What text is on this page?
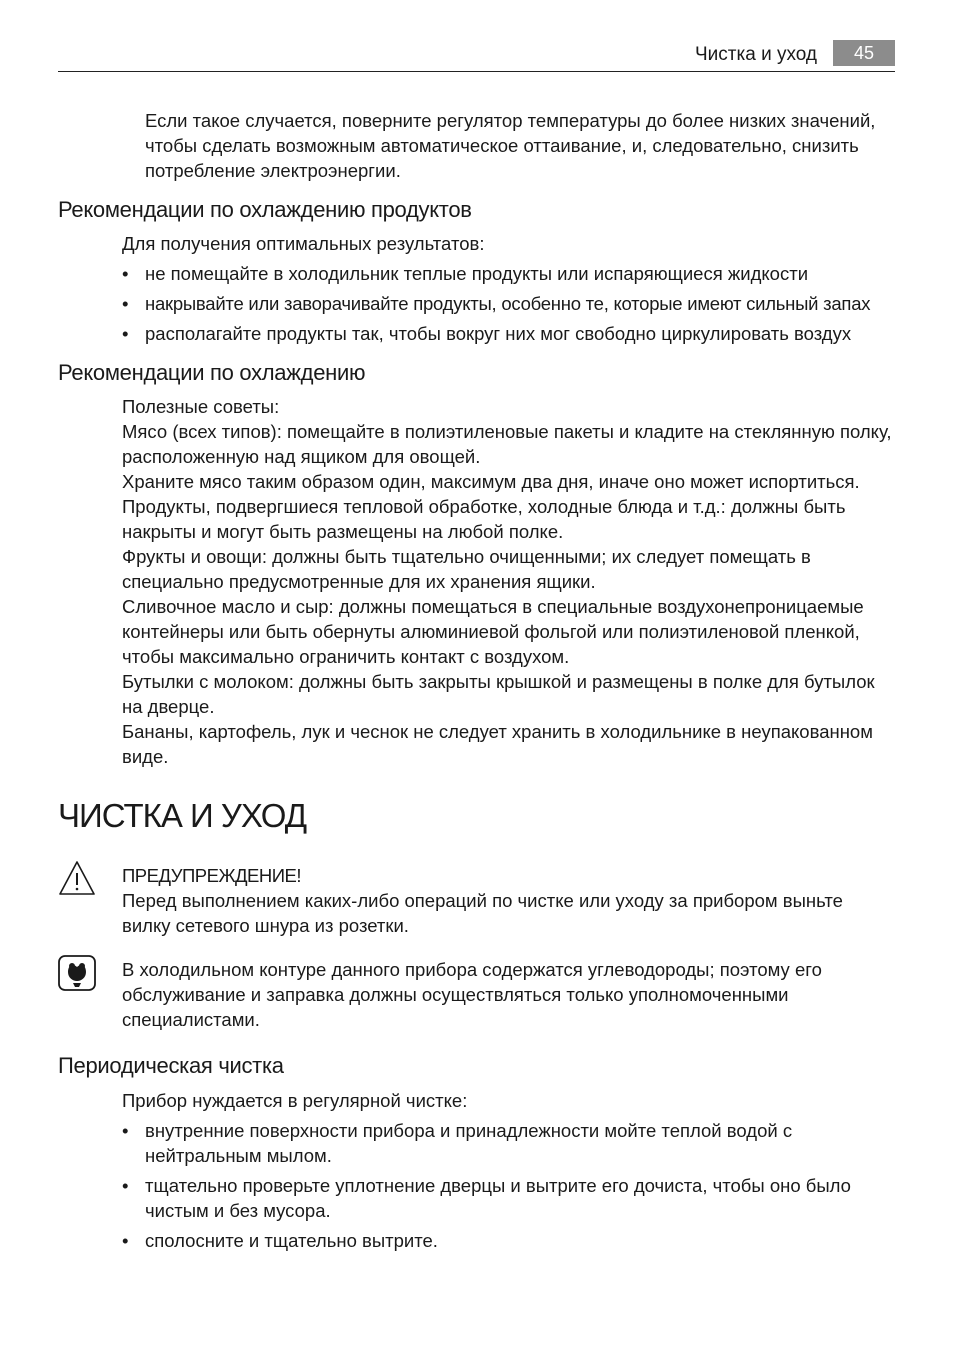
Чистка и уход	45

Если такое случается, поверните регулятор температуры до более низких значений, чтобы сделать возможным автоматическое оттаивание, и, следовательно, снизить потребление электроэнергии.

Рекомендации по охлаждению продуктов

Для получения оптимальных результатов:

• не помещайте в холодильник теплые продукты или испаряющиеся жидкости
• накрывайте или заворачивайте продукты, особенно те, которые имеют сильный запах
• располагайте продукты так, чтобы вокруг них мог свободно циркулировать воздух
Рекомендации по охлаждению
Полезные советы:
Мясо (всех типов): помещайте в полиэтиленовые пакеты и кладите на стеклянную полку, расположенную над ящиком для овощей.
Храните мясо таким образом один, максимум два дня, иначе оно может испортиться.
Продукты, подвергшиеся тепловой обработке, холодные блюда и т.д.: должны быть накрыты и могут быть размещены на любой полке.
Фрукты и овощи: должны быть тщательно очищенными; их следует помещать в специально предусмотренные для их хранения ящики.
Сливочное масло и сыр: должны помещаться в специальные воздухонепроницаемые контейнеры или быть обернуты алюминиевой фольгой или полиэтиленовой пленкой, чтобы максимально ограничить контакт с воздухом.
Бутылки с молоком: должны быть закрыты крышкой и размещены в полке для бутылок на дверце.
Бананы, картофель, лук и чеснок не следует хранить в холодильнике в неупакованном виде.
ЧИСТКА И УХОД
ПРЕДУПРЕЖДЕНИЕ!
Перед выполнением каких-либо операций по чистке или уходу за прибором выньте вилку сетевого шнура из розетки.

В холодильном контуре данного прибора содержатся углеводороды; поэтому его обслуживание и заправка должны осуществляться только уполномоченными специалистами.

Периодическая чистка

Прибор нуждается в регулярной чистке:

• внутренние поверхности прибора и принадлежности мойте теплой водой с нейтральным мылом.
• тщательно проверьте уплотнение дверцы и вытрите его дочиста, чтобы оно было чистым и без мусора.
• сполосните и тщательно вытрите.
